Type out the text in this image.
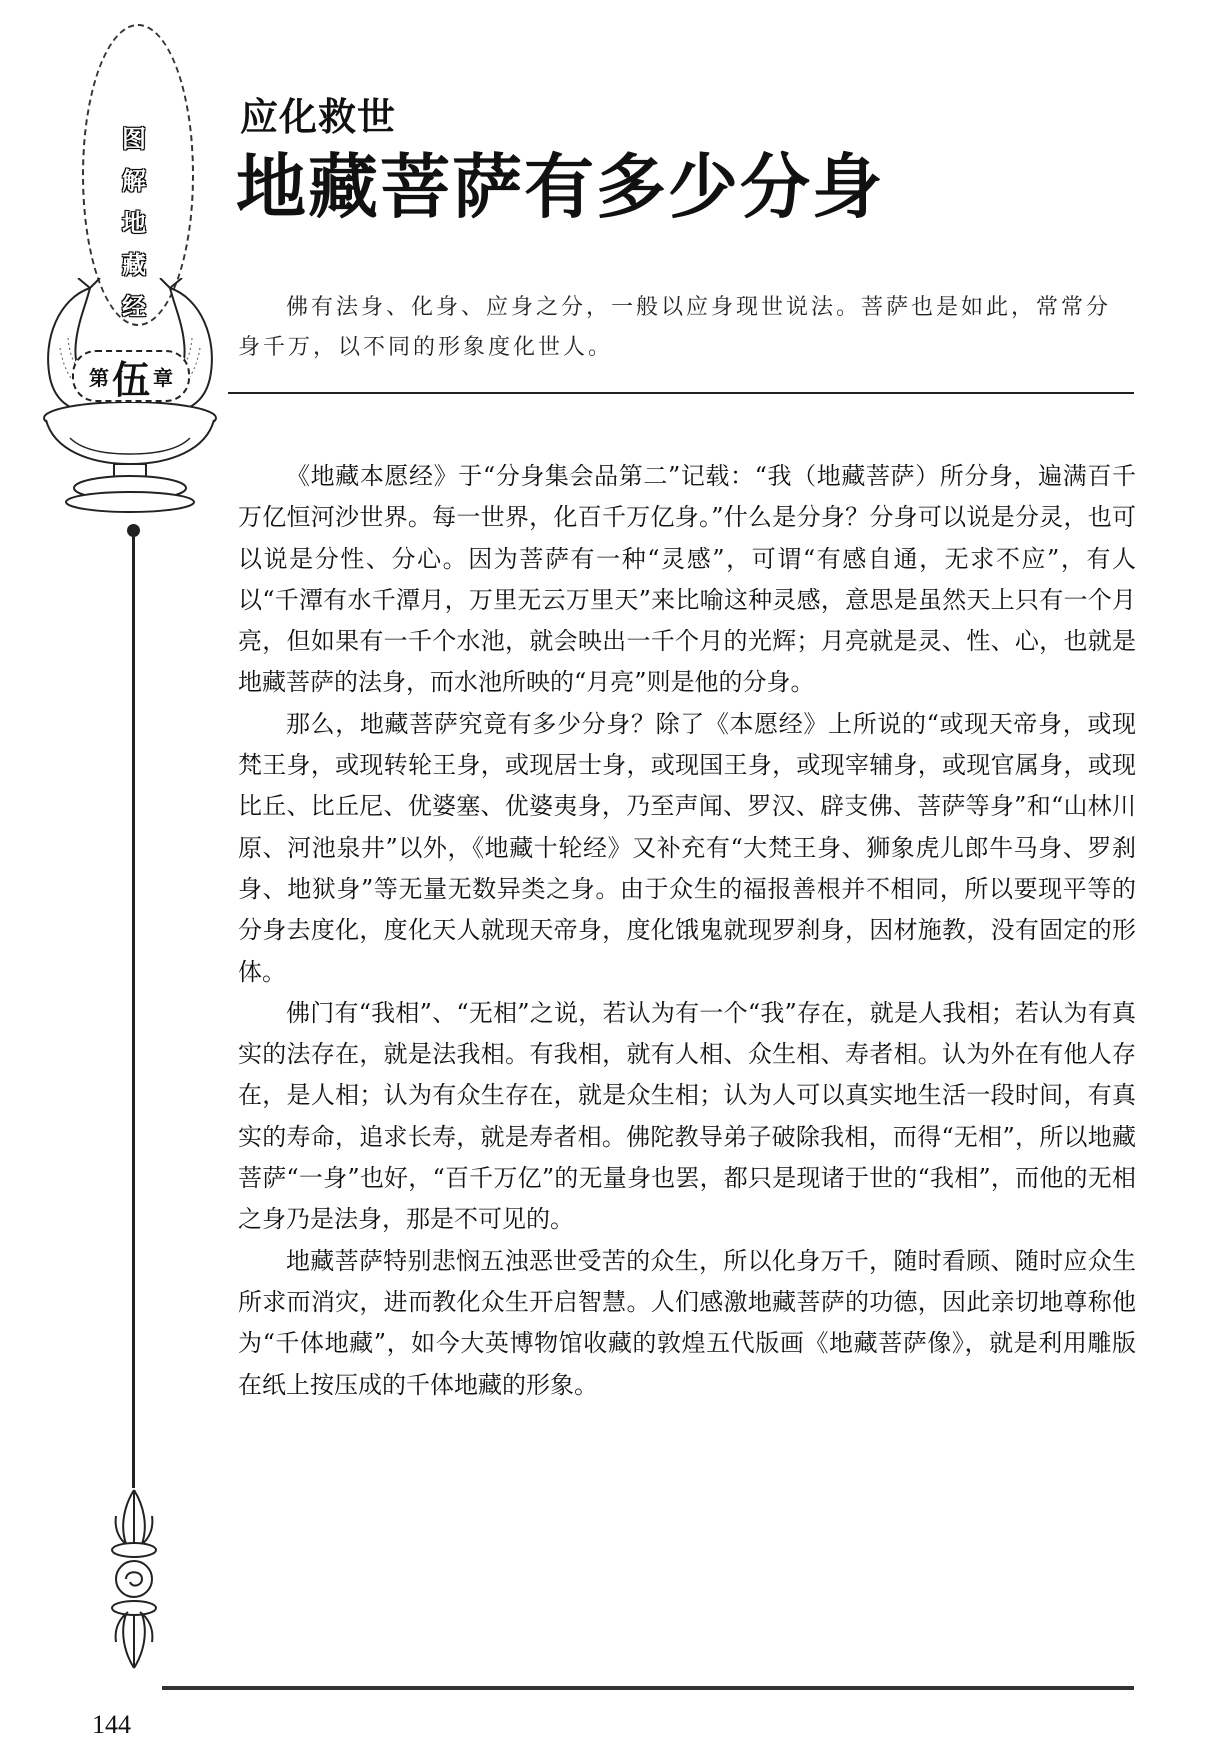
图
解
地
藏
经
第 伍 章
应化救世
地藏菩萨有多少分身

佛有法身、化身、应身之分，一般以应身现世说法。菩萨也是如此，常常分身千万，以不同的形象度化世人。

《地藏本愿经》于“分身集会品第二”记载：“我（地藏菩萨）所分身，遍满百千万亿恒河沙世界。每一世界，化百千万亿身。”什么是分身？分身可以说是分灵，也可以说是分性、分心。因为菩萨有一种“灵感”，可谓“有感自通，无求不应”，有人以“千潭有水千潭月，万里无云万里天”来比喻这种灵感，意思是虽然天上只有一个月亮，但如果有一千个水池，就会映出一千个月的光辉；月亮就是灵、性、心，也就是地藏菩萨的法身，而水池所映的“月亮”则是他的分身。

那么，地藏菩萨究竟有多少分身？除了《本愿经》上所说的“或现天帝身，或现梵王身，或现转轮王身，或现居士身，或现国王身，或现宰辅身，或现官属身，或现比丘、比丘尼、优婆塞、优婆夷身，乃至声闻、罗汉、辟支佛、菩萨等身”和“山林川原、河池泉井”以外，《地藏十轮经》又补充有“大梵王身、狮象虎儿郎牛马身、罗刹身、地狱身”等无量无数异类之身。由于众生的福报善根并不相同，所以要现平等的分身去度化，度化天人就现天帝身，度化饿鬼就现罗刹身，因材施教，没有固定的形体。

佛门有“我相”、“无相”之说，若认为有一个“我”存在，就是人我相；若认为有真实的法存在，就是法我相。有我相，就有人相、众生相、寿者相。认为外在有他人存在，是人相；认为有众生存在，就是众生相；认为人可以真实地生活一段时间，有真实的寿命，追求长寿，就是寿者相。佛陀教导弟子破除我相，而得“无相”，所以地藏菩萨“一身”也好，“百千万亿”的无量身也罢，都只是现诸于世的“我相”，而他的无相之身乃是法身，那是不可见的。

地藏菩萨特别悲悯五浊恶世受苦的众生，所以化身万千，随时看顾、随时应众生所求而消灾，进而教化众生开启智慧。人们感激地藏菩萨的功德，因此亲切地尊称他为“千体地藏”，如今大英博物馆收藏的敦煌五代版画《地藏菩萨像》，就是利用雕版在纸上按压成的千体地藏的形象。

144
